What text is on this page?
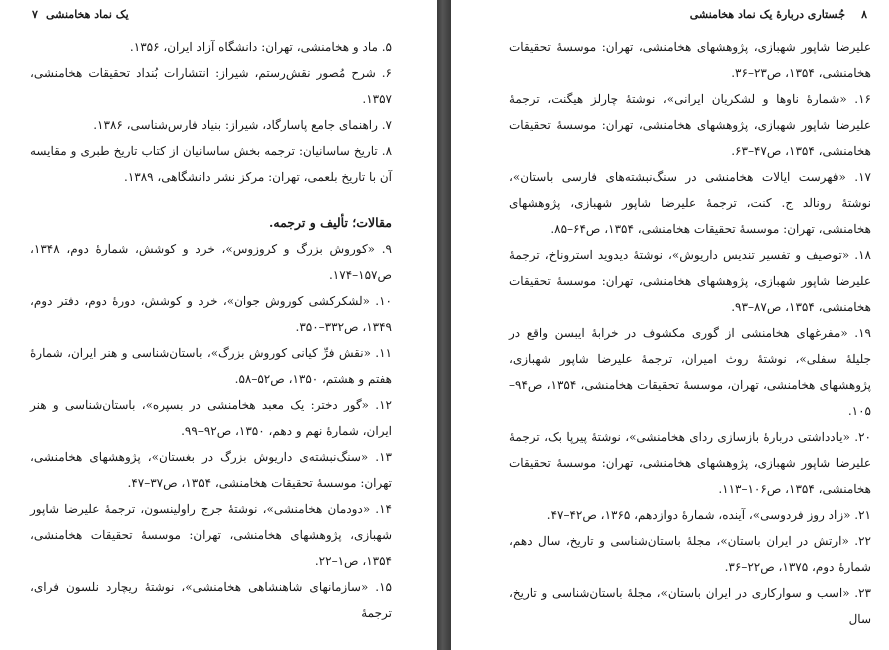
۷ یک نماد هخامنشی

۵. ماد و هخامنشی، تهران: دانشگاه آزاد ایران، ۱۳۵۶.

۶. شرح مُصور نقش‌رستم، شیراز: انتشارات بُنداد تحقیقات هخامنشی، ۱۳۵۷.

۷. راهنمای جامع پاسارگاد، شیراز: بنیاد فارس‌شناسی، ۱۳۸۶.

۸. تاریخ ساسانیان: ترجمه بخش ساسانیان از کتاب تاریخ طبری و مقایسه آن با تاریخ بلعمی، تهران: مرکز نشر دانشگاهی، ۱۳۸۹.

مقالات؛ تألیف و ترجمه.

۹. «کوروش بزرگ و کروزوس»، خرد و کوشش، شمارهٔ دوم، ۱۳۴۸، ص۱۵۷–۱۷۴.

۱۰. «لشکرکشی کوروش جوان»، خرد و کوشش، دورهٔ دوم، دفتر دوم، ۱۳۴۹، ص۳۳۲–۳۵۰.

۱۱. «نقش فرِّ کیانی کوروش بزرگ»، باستان‌شناسی و هنر ایران، شمارهٔ هفتم و هشتم، ۱۳۵۰، ص۵۲–۵۸.

۱۲. «گور دختر: یک معبد هخامنشی در بسپره»، باستان‌شناسی و هنر ایران، شمارهٔ نهم و دهم، ۱۳۵۰، ص۹۲–۹۹.

۱۳. «سنگ‌نبشته‌ی داریوش بزرگ در بغستان»، پژوهشهای هخامنشی، تهران: موسسهٔ تحقیقات هخامنشی، ۱۳۵۴، ص۳۷–۴۷.

۱۴. «دودمان هخامنشی»، نوشتهٔ جرج راولینسون، ترجمهٔ علیرضا شاپور شهبازی، پژوهشهای هخامنشی، تهران: موسسهٔ تحقیقات هخامنشی، ۱۳۵۴، ص۱–۲۲.

۱۵. «سازمانهای شاهنشاهی هخامنشی»، نوشتهٔ ریچارد نلسون فرای، ترجمهٔ

۸
جُستاری دربارهٔ یک نماد هخامنشی

علیرضا شاپور شهبازی، پژوهشهای هخامنشی، تهران: موسسهٔ تحقیقات هخامنشی، ۱۳۵۴، ص۲۳–۳۶.

۱۶. «شمارهٔ ناوها و لشکریان ایرانی»، نوشتهٔ چارلز هیگنت، ترجمهٔ علیرضا شاپور شهبازی، پژوهشهای هخامنشی، تهران: موسسهٔ تحقیقات هخامنشی، ۱۳۵۴، ص۴۷–۶۳.

۱۷. «فهرست ایالات هخامنشی در سنگ‌نبشته‌های فارسی باستان»، نوشتهٔ رونالد ج. کنت، ترجمهٔ علیرضا شاپور شهبازی، پژوهشهای هخامنشی، تهران: موسسهٔ تحقیقات هخامنشی، ۱۳۵۴، ص۶۴–۸۵.

۱۸. «توصیف و تفسیر تندیس داریوش»، نوشتهٔ دیدوید استروناخ، ترجمهٔ علیرضا شاپور شهبازی، پژوهشهای هخامنشی، تهران: موسسهٔ تحقیقات هخامنشی، ۱۳۵۴، ص۸۷–۹۳.

۱۹. «مفرغهای هخامنشی از گوری مکشوف در خرابهٔ ایبسن واقع در جلیلهٔ سفلی»، نوشتهٔ روث امیران، ترجمهٔ علیرضا شاپور شهبازی، پژوهشهای هخامنشی، تهران، موسسهٔ تحقیقات هخامنشی، ۱۳۵۴، ص۹۴–۱۰۵.

۲۰. «یادداشتی دربارهٔ بازسازی ردای هخامنشی»، نوشتهٔ پیرپا بک، ترجمهٔ علیرضا شاپور شهبازی، پژوهشهای هخامنشی، تهران: موسسهٔ تحقیقات هخامنشی، ۱۳۵۴، ص۱۰۶–۱۱۳.

۲۱. «زاد روز فردوسی»، آینده، شمارهٔ دوازدهم، ۱۳۶۵، ص۴۲–۴۷.

۲۲. «ارتش در ایران باستان»، مجلهٔ باستان‌شناسی و تاریخ، سال دهم، شمارهٔ دوم، ۱۳۷۵، ص۲۲–۳۶.

۲۳. «اسب و سوارکاری در ایران باستان»، مجلهٔ باستان‌شناسی و تاریخ، سال
